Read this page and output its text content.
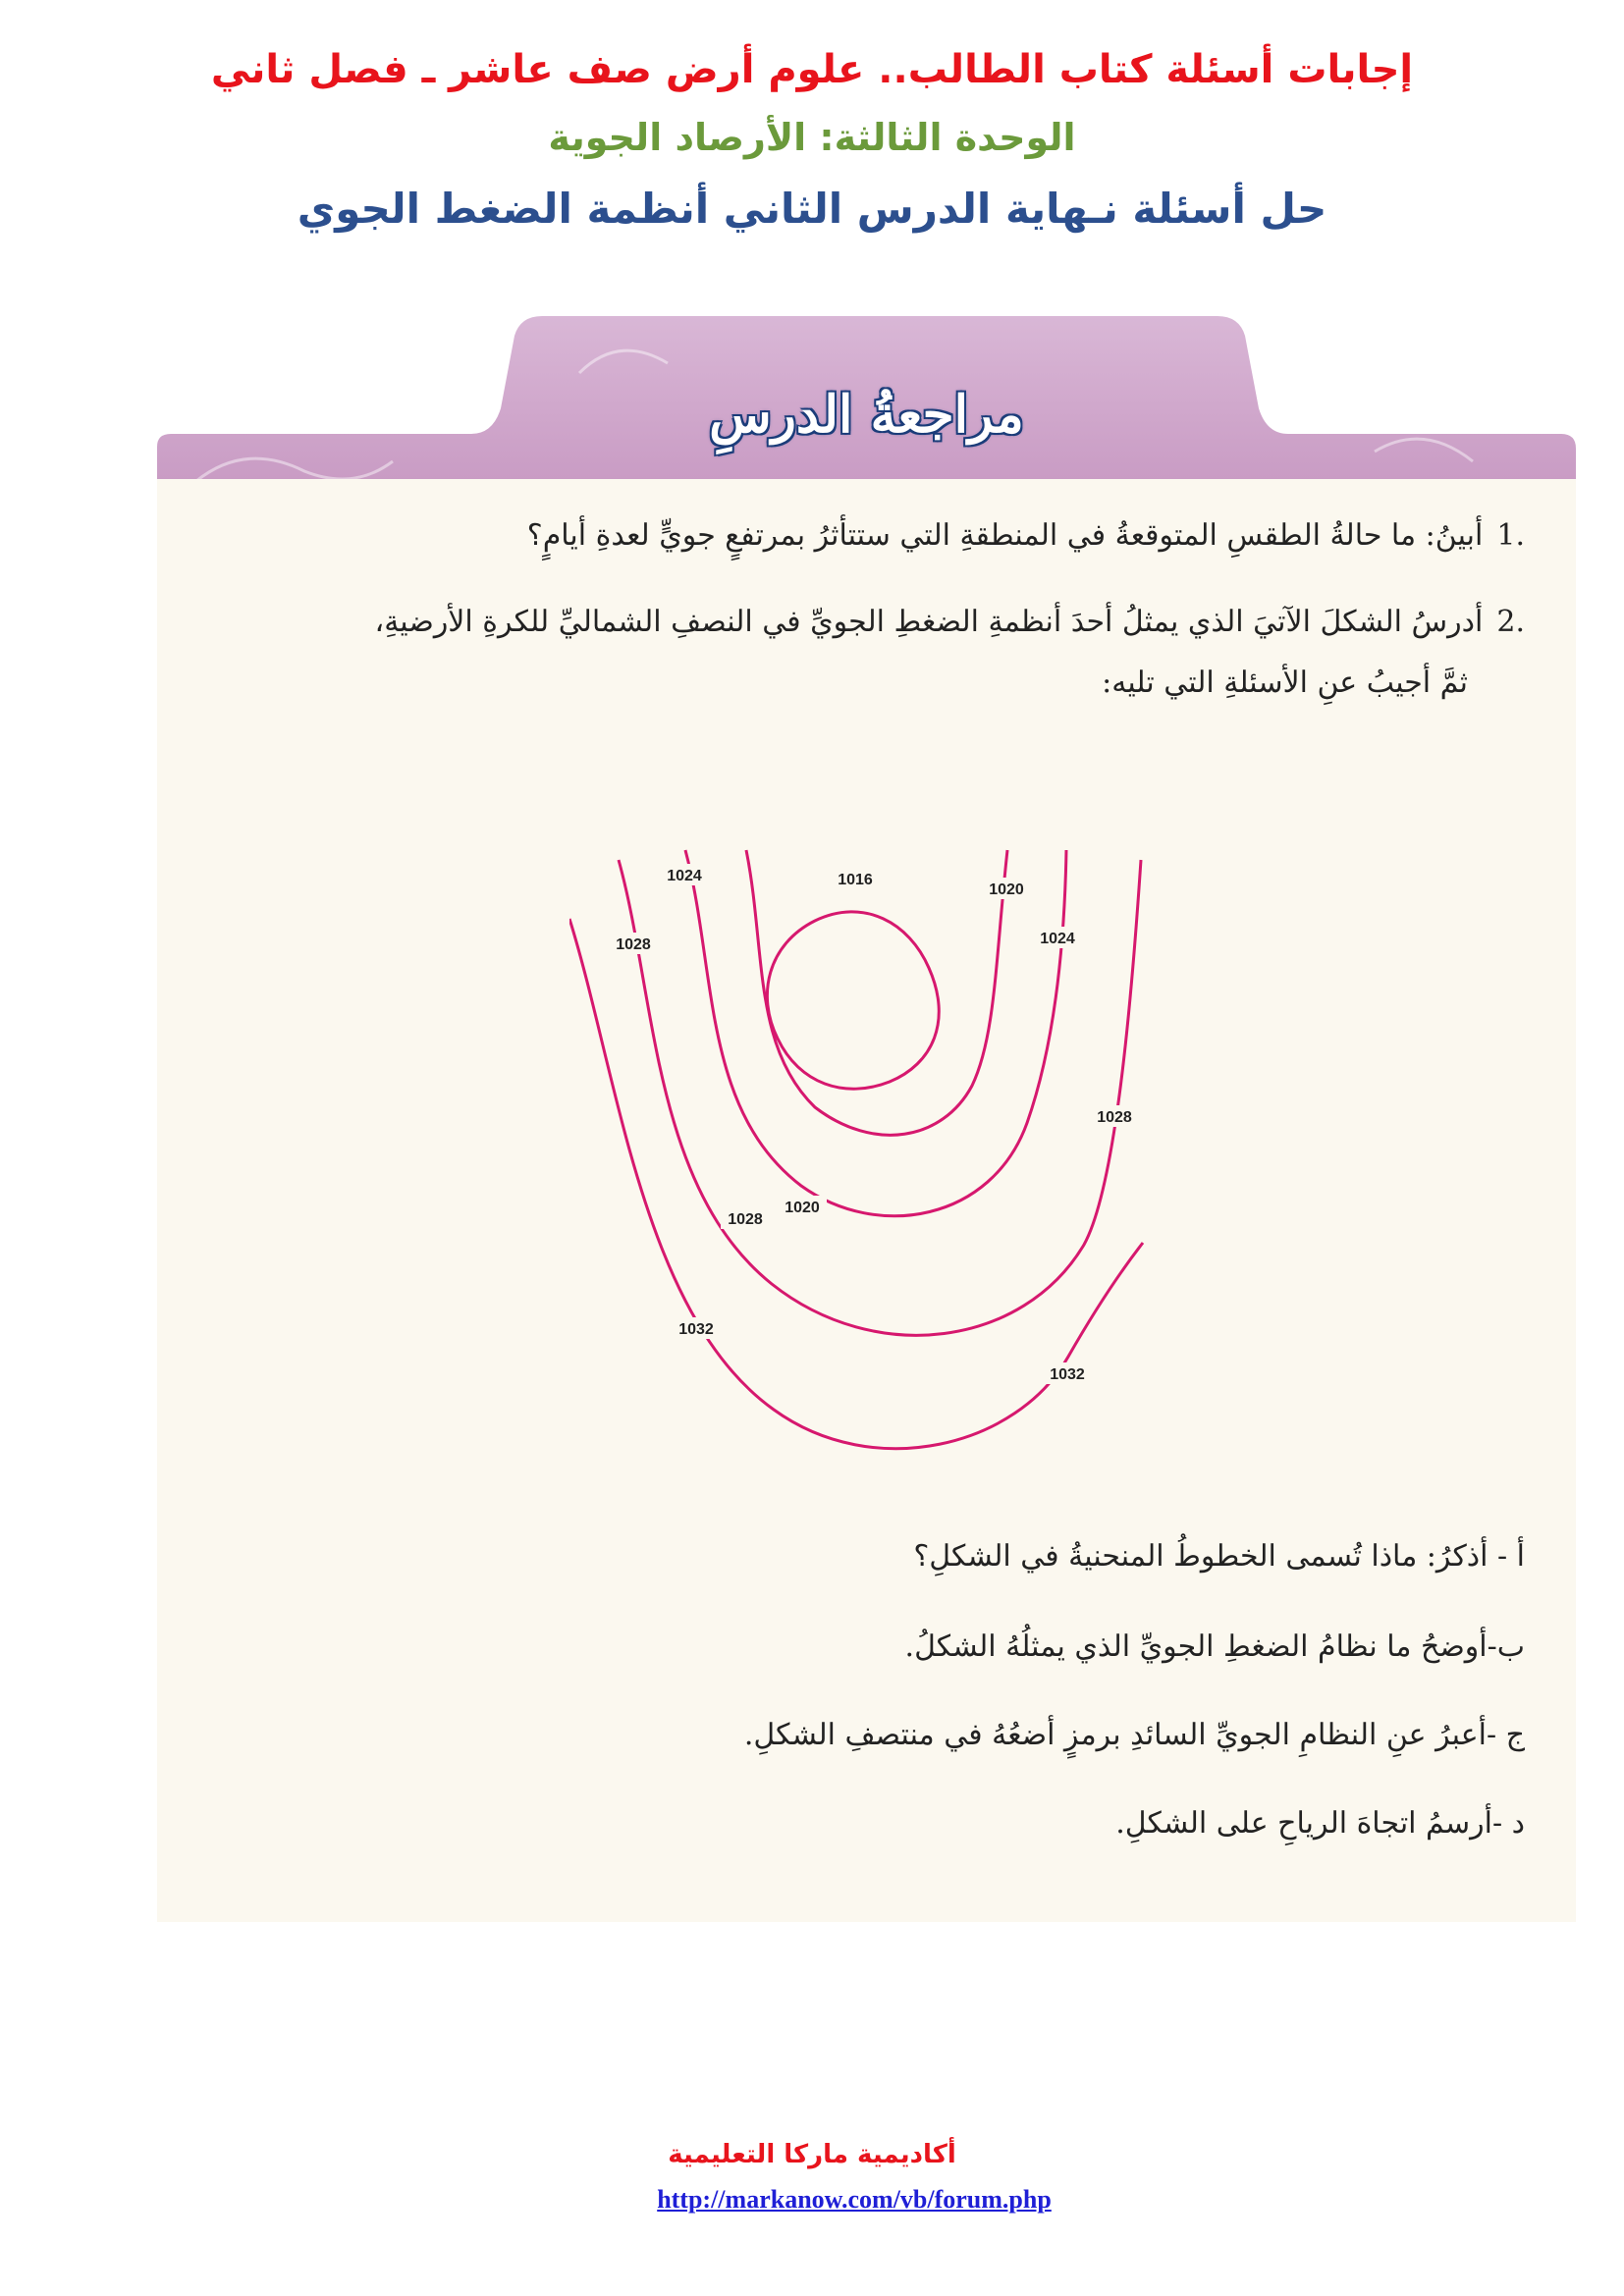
إجابات أسئلة كتاب الطالب.. علوم أرض صف عاشر ـ فصل ثاني
الوحدة الثالثة: الأرصاد الجوية
حل أسئلة نـهاية الدرس الثاني أنظمة الضغط الجوي
مراجعةُ الدرسِ
.1أبينُ: ما حالةُ الطقسِ المتوقعةُ في المنطقةِ التي ستتأثرُ بمرتفعٍ جويٍّ لعدةِ أيامٍ؟
.2أدرسُ الشكلَ الآتيَ الذي يمثلُ أحدَ أنظمةِ الضغطِ الجويِّ في النصفِ الشماليِّ للكرةِ الأرضيةِ،
ثمَّ أجيبُ عنِ الأسئلةِ التي تليه:
1016
1020
1020
1024
1024
1028
1028
1028
1032
1032
أ - أذكرُ: ماذا تُسمى الخطوطُ المنحنيةُ في الشكلِ؟
ب-أوضحُ ما نظامُ الضغطِ الجويِّ الذي يمثلُهُ الشكلُ.
ج -أعبرُ عنِ النظامِ الجويِّ السائدِ برمزٍ أضعُهُ في منتصفِ الشكلِ.
د -أرسمُ اتجاهَ الرياحِ على الشكلِ.
أكاديمية ماركا التعليمية
http://markanow.com/vb/forum.php
